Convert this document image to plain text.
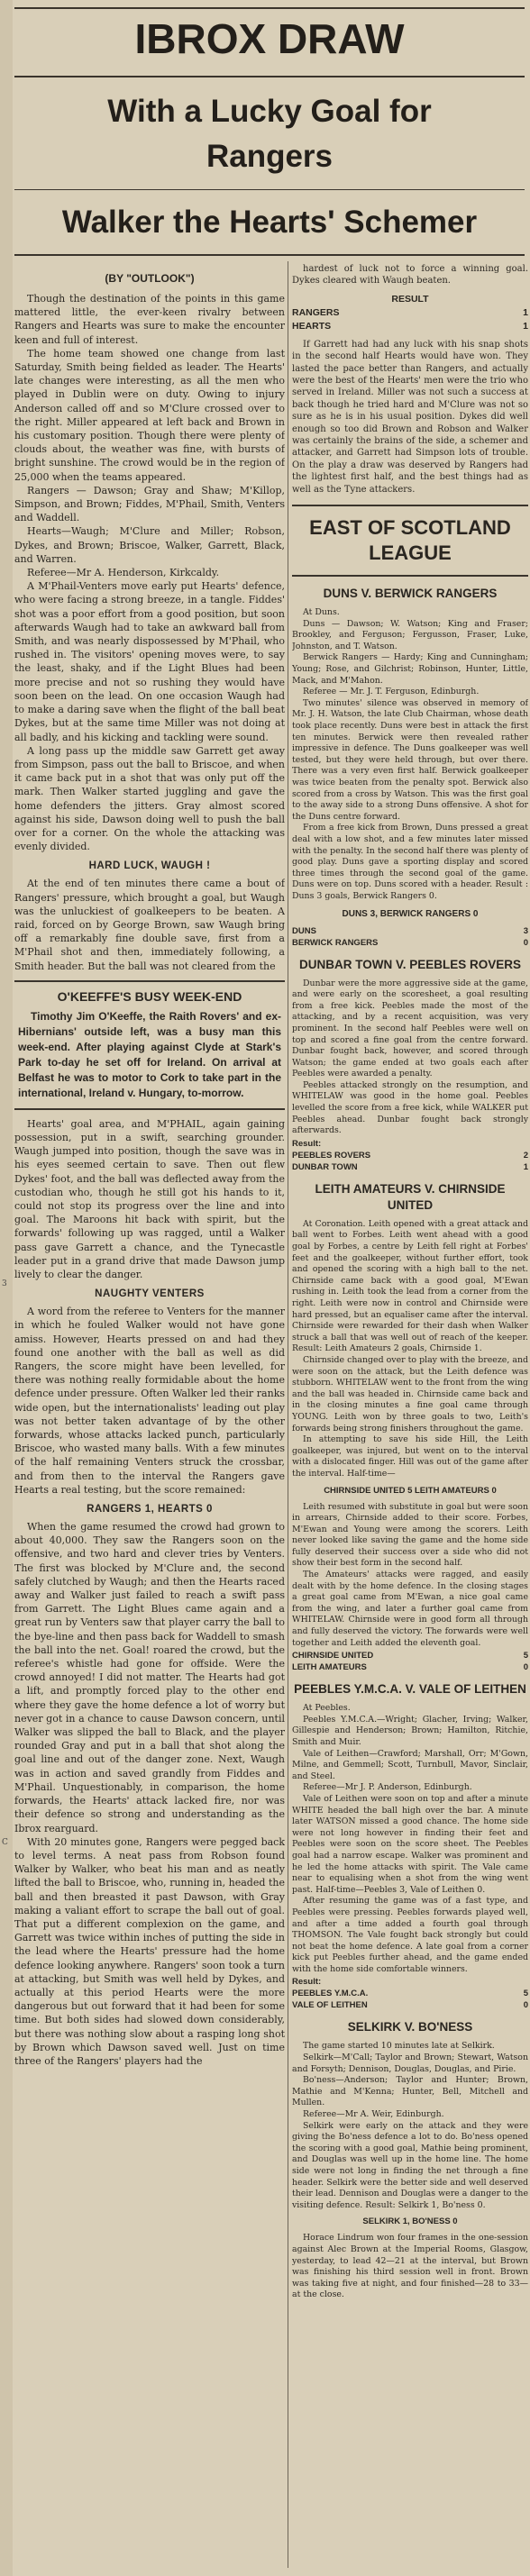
3
C
IBROX DRAW
With a Lucky Goal for
Rangers
Walker the Hearts' Schemer
(BY "OUTLOOK")

Though the destination of the points in this game mattered little, the ever-keen rivalry between Rangers and Hearts was sure to make the encounter keen and full of interest.

The home team showed one change from last Saturday, Smith being fielded as leader. The Hearts' late changes were interesting, as all the men who played in Dublin were on duty. Owing to injury Anderson called off and so M'Clure crossed over to the right. Miller appeared at left back and Brown in his customary position. Though there were plenty of clouds about, the weather was fine, with bursts of bright sunshine. The crowd would be in the region of 25,000 when the teams appeared.

Rangers — Dawson; Gray and Shaw; M'Killop, Simpson, and Brown; Fiddes, M'Phail, Smith, Venters and Waddell.

Hearts—Waugh; M'Clure and Miller; Robson, Dykes, and Brown; Briscoe, Walker, Garrett, Black, and Warren.

Referee—Mr A. Henderson, Kirkcaldy.

A M'Phail-Venters move early put Hearts' defence, who were facing a strong breeze, in a tangle. Fiddes' shot was a poor effort from a good position, but soon afterwards Waugh had to take an awkward ball from Smith, and was nearly dispossessed by M'Phail, who rushed in. The visitors' opening moves were, to say the least, shaky, and if the Light Blues had been more precise and not so rushing they would have soon been on the lead. On one occasion Waugh had to make a daring save when the flight of the ball beat Dykes, but at the same time Miller was not doing at all badly, and his kicking and tackling were sound.

A long pass up the middle saw Garrett get away from Simpson, pass out the ball to Briscoe, and when it came back put in a shot that was only put off the mark. Then Walker started juggling and gave the home defenders the jitters. Gray almost scored against his side, Dawson doing well to push the ball over for a corner. On the whole the attacking was evenly divided.

HARD LUCK, WAUGH !

At the end of ten minutes there came a bout of Rangers' pressure, which brought a goal, but Waugh was the unluckiest of goalkeepers to be beaten. A raid, forced on by George Brown, saw Waugh bring off a remarkably fine double save, first from a M'Phail shot and then, immediately following, a Smith header. But the ball was not cleared from the

O'KEEFFE'S BUSY WEEK-END

Timothy Jim O'Keeffe, the Raith Rovers' and ex-Hibernians' outside left, was a busy man this week-end. After playing against Clyde at Stark's Park to-day he set off for Ireland. On arrival at Belfast he was to motor to Cork to take part in the international, Ireland v. Hungary, to-morrow.

Hearts' goal area, and M'PHAIL, again gaining possession, put in a swift, searching grounder. Waugh jumped into position, though the save was in his eyes seemed certain to save. Then out flew Dykes' foot, and the ball was deflected away from the custodian who, though he still got his hands to it, could not stop its progress over the line and into goal. The Maroons hit back with spirit, but the forwards' following up was ragged, until a Walker pass gave Garrett a chance, and the Tynecastle leader put in a grand drive that made Dawson jump lively to clear the danger.

NAUGHTY VENTERS

A word from the referee to Venters for the manner in which he fouled Walker would not have gone amiss. However, Hearts pressed on and had they found one another with the ball as well as did Rangers, the score might have been levelled, for there was nothing really formidable about the home defence under pressure. Often Walker led their ranks wide open, but the internationalists' leading out play was not better taken advantage of by the other forwards, whose attacks lacked punch, particularly Briscoe, who wasted many balls. With a few minutes of the half remaining Venters struck the crossbar, and from then to the interval the Rangers gave Hearts a real testing, but the score remained:

RANGERS 1, HEARTS 0

When the game resumed the crowd had grown to about 40,000. They saw the Rangers soon on the offensive, and two hard and clever tries by Venters. The first was blocked by M'Clure and, the second safely clutched by Waugh; and then the Hearts raced away and Walker just failed to reach a swift pass from Garrett. The Light Blues came again and a great run by Venters saw that player carry the ball to the bye-line and then pass back for Waddell to smash the ball into the net. Goal! roared the crowd, but the referee's whistle had gone for offside. Were the crowd annoyed! I did not matter. The Hearts had got a lift, and promptly forced play to the other end where they gave the home defence a lot of worry but never got in a chance to cause Dawson concern, until Walker was slipped the ball to Black, and the player rounded Gray and put in a ball that shot along the goal line and out of the danger zone. Next, Waugh was in action and saved grandly from Fiddes and M'Phail. Unquestionably, in comparison, the home forwards, the Hearts' attack lacked fire, nor was their defence so strong and understanding as the Ibrox rearguard.

With 20 minutes gone, Rangers were pegged back to level terms. A neat pass from Robson found Walker by Walker, who beat his man and as neatly lifted the ball to Briscoe, who, running in, headed the ball and then breasted it past Dawson, with Gray making a valiant effort to scrape the ball out of goal. That put a different complexion on the game, and Garrett was twice within inches of putting the side in the lead where the Hearts' pressure had the home defence looking anywhere. Rangers' soon took a turn at attacking, but Smith was well held by Dykes, and actually at this period Hearts were the more dangerous but out forward that it had been for some time. But both sides had slowed down considerably, but there was nothing slow about a rasping long shot by Brown which Dawson saved well. Just on time three of the Rangers' players had the

hardest of luck not to force a winning goal. Dykes cleared with Waugh beaten.

RESULT
RANGERS	1
HEARTS	1

If Garrett had had any luck with his snap shots in the second half Hearts would have won. They lasted the pace better than Rangers, and actually were the best of the Hearts' men were the trio who served in Ireland. Miller was not such a success at back though he tried hard and M'Clure was not so sure as he is in his usual position. Dykes did well enough so too did Brown and Robson and Walker was certainly the brains of the side, a schemer and attacker, and Garrett had Simpson lots of trouble. On the play a draw was deserved by Rangers had the lightest first half, and the best things had as well as the Tyne attackers.

EAST OF SCOTLAND
LEAGUE
DUNS V. BERWICK RANGERS

At Duns.

Duns — Dawson; W. Watson; King and Fraser; Brookley, and Ferguson; Fergusson, Fraser, Luke, Johnston, and T. Watson.

Berwick Rangers — Hardy; King and Cunningham; Young; Rose, and Gilchrist; Robinson, Hunter, Little, Mack, and M'Mahon.

Referee — Mr. J. T. Ferguson, Edinburgh.

Two minutes' silence was observed in memory of Mr. J. H. Watson, the late Club Chairman, whose death took place recently. Duns were best in attack the first ten minutes. Berwick were then revealed rather impressive in defence. The Duns goalkeeper was well tested, but they were held through, but over there. There was a very even first half. Berwick goalkeeper was twice beaten from the penalty spot. Berwick also scored from a cross by Watson. This was the first goal to the away side to a strong Duns offensive. A shot for the Duns centre forward.

From a free kick from Brown, Duns pressed a great deal with a low shot, and a few minutes later missed with the penalty. In the second half there was plenty of good play. Duns gave a sporting display and scored three times through the second goal of the game. Duns were on top. Duns scored with a header. Result : Duns 3 goals, Berwick Rangers 0.

DUNS 3, BERWICK RANGERS 0
DUNS	3
BERWICK RANGERS	0
DUNBAR TOWN V. PEEBLES ROVERS

Dunbar were the more aggressive side at the game, and were early on the scoresheet, a goal resulting from a free kick. Peebles made the most of the attacking, and by a recent acquisition, was very prominent. In the second half Peebles were well on top and scored a fine goal from the centre forward. Dunbar fought back, however, and scored through Watson; the game ended at two goals each after Peebles were awarded a penalty.

Peebles attacked strongly on the resumption, and WHITELAW was good in the home goal. Peebles levelled the score from a free kick, while WALKER put Peebles ahead. Dunbar fought back strongly afterwards.

Result:
PEEBLES ROVERS	2
DUNBAR TOWN	1
LEITH AMATEURS V. CHIRNSIDE UNITED

At Coronation. Leith opened with a great attack and ball went to Forbes. Leith went ahead with a good goal by Forbes, a centre by Leith fell right at Forbes' feet and the goalkeeper, without further effort, took and opened the scoring with a high ball to the net. Chirnside came back with a good goal, M'Ewan rushing in. Leith took the lead from a corner from the right. Leith were now in control and Chirnside were hard pressed, but an equaliser came after the interval. Chirnside were rewarded for their dash when Walker struck a ball that was well out of reach of the keeper. Result: Leith Amateurs 2 goals, Chirnside 1.

Chirnside changed over to play with the breeze, and were soon on the attack, but the Leith defence was stubborn. WHITELAW went to the front from the wing and the ball was headed in. Chirnside came back and in the closing minutes a fine goal came through YOUNG. Leith won by three goals to two, Leith's forwards being strong finishers throughout the game.

In attempting to save his side Hill, the Leith goalkeeper, was injured, but went on to the interval with a dislocated finger. Hill was out of the game after the interval. Half-time—

CHIRNSIDE UNITED 5 LEITH AMATEURS 0

Leith resumed with substitute in goal but were soon in arrears, Chirnside added to their score. Forbes, M'Ewan and Young were among the scorers. Leith never looked like saving the game and the home side fully deserved their success over a side who did not show their best form in the second half.

The Amateurs' attacks were ragged, and easily dealt with by the home defence. In the closing stages a great goal came from M'Ewan, a nice goal came from the wing, and later a further goal came from WHITELAW. Chirnside were in good form all through and fully deserved the victory. The forwards were well together and Leith added the eleventh goal.

CHIRNSIDE UNITED	5
LEITH AMATEURS	0
PEEBLES Y.M.C.A. V. VALE OF LEITHEN

At Peebles.

Peebles Y.M.C.A.—Wright; Glacher, Irving; Walker, Gillespie and Henderson; Brown; Hamilton, Ritchie, Smith and Muir.

Vale of Leithen—Crawford; Marshall, Orr; M'Gown, Milne, and Gemmell; Scott, Turnbull, Mavor, Sinclair, and Steel.

Referee—Mr J. P. Anderson, Edinburgh.

Vale of Leithen were soon on top and after a minute WHITE headed the ball high over the bar. A minute later WATSON missed a good chance. The home side were not long however in finding their feet and Peebles were soon on the score sheet. The Peebles goal had a narrow escape. Walker was prominent and he led the home attacks with spirit. The Vale came near to equalising when a shot from the wing went past. Half-time—Peebles 3, Vale of Leithen 0.

After resuming the game was of a fast type, and Peebles were pressing. Peebles forwards played well, and after a time added a fourth goal through THOMSON. The Vale fought back strongly but could not beat the home defence. A late goal from a corner kick put Peebles further ahead, and the game ended with the home side comfortable winners.

Result:
PEEBLES Y.M.C.A.	5
VALE OF LEITHEN	0
SELKIRK V. BO'NESS

The game started 10 minutes late at Selkirk.

Selkirk—M'Call; Taylor and Brown; Stewart, Watson and Forsyth; Dennison, Douglas, Douglas, and Pirie.

Bo'ness—Anderson; Taylor and Hunter; Brown, Mathie and M'Kenna; Hunter, Bell, Mitchell and Mullen.

Referee—Mr A. Weir, Edinburgh.

Selkirk were early on the attack and they were giving the Bo'ness defence a lot to do. Bo'ness opened the scoring with a good goal, Mathie being prominent, and Douglas was well up in the home line. The home side were not long in finding the net through a fine header. Selkirk were the better side and well deserved their lead. Dennison and Douglas were a danger to the visiting defence. Result: Selkirk 1, Bo'ness 0.

SELKIRK 1, BO'NESS 0

Horace Lindrum won four frames in the one-session against Alec Brown at the Imperial Rooms, Glasgow, yesterday, to lead 42—21 at the interval, but Brown was finishing his third session well in front. Brown was taking five at night, and four finished—28 to 33—at the close.
